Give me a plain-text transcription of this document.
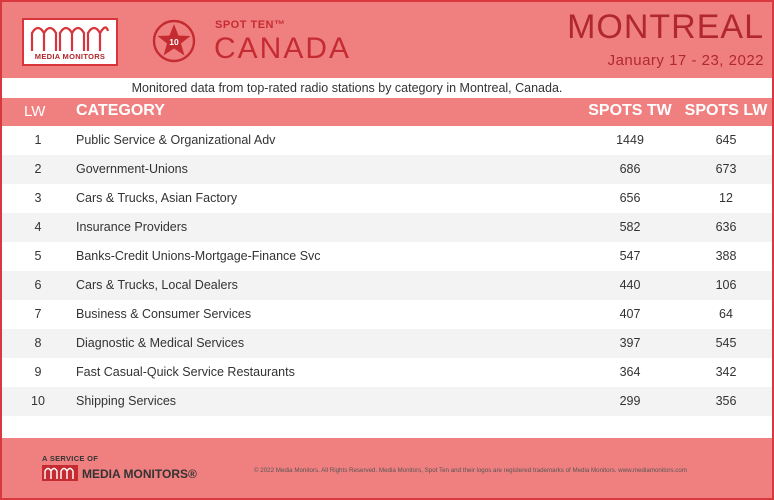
MEDIA MONITORS
10
SPOT TEN™
CANADA
MONTREAL
January 17 - 23, 2022
Monitored data from top-rated radio stations by category in Montreal, Canada.
LW CATEGORY	SPOTS TW SPOTS LW
1	Public Service & Organizational Adv	1449	645
2	Government-Unions	686	673
3	Cars & Trucks, Asian Factory	656	12
4	Insurance Providers	582	636
5	Banks-Credit Unions-Mortgage-Finance Svc	547	388
6	Cars & Trucks, Local Dealers	440	106
7	Business & Consumer Services	407	64
8	Diagnostic & Medical Services	397	545
9	Fast Casual-Quick Service Restaurants	364	342
10	Shipping Services	299	356
A SERVICE OF
MEDIA MONITORS®	© 2022 Media Monitors. All Rights Reserved. Media Monitors, Spot Ten and their logos are registered trademarks of Media Monitors. www.mediamonitors.com
